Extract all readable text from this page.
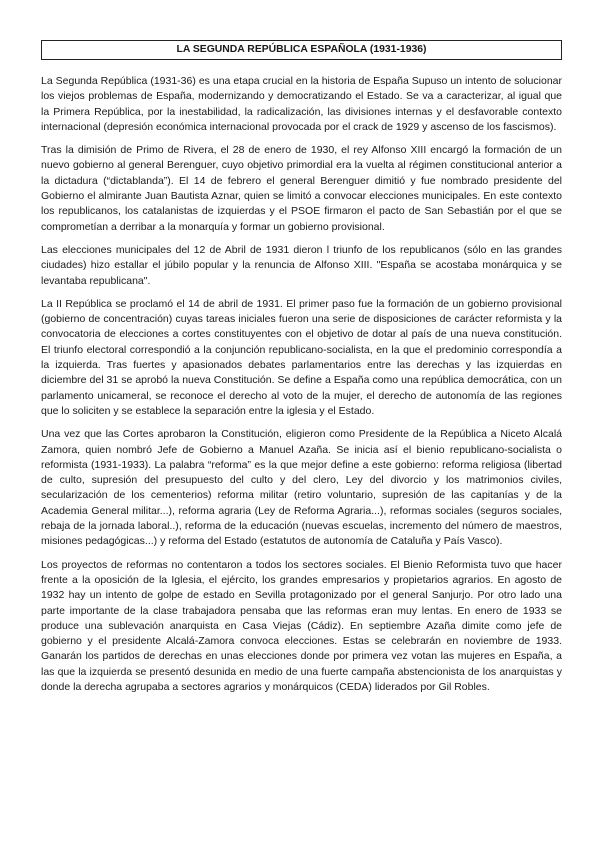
LA SEGUNDA REPÚBLICA ESPAÑOLA (1931-1936)

La Segunda República (1931-36) es una etapa crucial en la historia de España Supuso un intento de solucionar los viejos problemas de España, modernizando y democratizando el Estado. Se va a caracterizar, al igual que la Primera República, por la inestabilidad, la radicalización, las divisiones internas y el desfavorable contexto internacional (depresión económica internacional provocada por el crack de 1929 y ascenso de los fascismos).

Tras la dimisión de Primo de Rivera, el 28 de enero de 1930, el rey Alfonso XIII encargó la formación de un nuevo gobierno al general Berenguer, cuyo objetivo primordial era la vuelta al régimen constitucional anterior a la dictadura (“dictablanda”). El 14 de febrero el general Berenguer dimitió y fue nombrado presidente del Gobierno el almirante Juan Bautista Aznar, quien se limitó a convocar elecciones municipales. En este contexto los republicanos, los catalanistas de izquierdas y el PSOE firmaron el pacto de San Sebastián por el que se comprometían a derribar a la monarquía y formar un gobierno provisional.

Las elecciones municipales del 12 de Abril de 1931 dieron l triunfo de los republicanos (sólo en las grandes ciudades) hizo estallar el júbilo popular y la renuncia de Alfonso XIII. "España se acostaba monárquica y se levantaba republicana".

La II República se proclamó el 14 de abril de 1931. El primer paso fue la formación de un gobierno provisional (gobierno de concentración) cuyas tareas iniciales fueron una serie de disposiciones de carácter reformista y la convocatoria de elecciones a cortes constituyentes con el objetivo de dotar al país de una nueva constitución. El triunfo electoral correspondió a la conjunción republicano-socialista, en la que el predominio correspondía a la izquierda. Tras fuertes y apasionados debates parlamentarios entre las derechas y las izquierdas en diciembre del 31 se aprobó la nueva Constitución. Se define a España como una república democrática, con un parlamento unicameral, se reconoce el derecho al voto de la mujer, el derecho de autonomía de las regiones que lo soliciten y se establece la separación entre la iglesia y el Estado.

Una vez que las Cortes aprobaron la Constitución, eligieron como Presidente de la República a Niceto Alcalá Zamora, quien nombró Jefe de Gobierno a Manuel Azaña. Se inicia así el bienio republicano-socialista o reformista (1931-1933). La palabra “reforma” es la que mejor define a este gobierno: reforma religiosa (libertad de culto, supresión del presupuesto del culto y del clero, Ley del divorcio y los matrimonios civiles, secularización de los cementerios) reforma militar (retiro voluntario, supresión de las capitanías y de la Academia General militar...), reforma agraria (Ley de Reforma Agraria...), reformas sociales (seguros sociales, rebaja de la jornada laboral..), reforma de la educación (nuevas escuelas, incremento del número de maestros, misiones pedagógicas...) y reforma del Estado (estatutos de autonomía de Cataluña y País Vasco).

Los proyectos de reformas no contentaron a todos los sectores sociales. El Bienio Reformista tuvo que hacer frente a la oposición de la Iglesia, el ejército, los grandes empresarios y propietarios agrarios. En agosto de 1932 hay un intento de golpe de estado en Sevilla protagonizado por el general Sanjurjo. Por otro lado una parte importante de la clase trabajadora pensaba que las reformas eran muy lentas. En enero de 1933 se produce una sublevación anarquista en Casa Viejas (Cádiz). En septiembre Azaña dimite como jefe de gobierno y el presidente Alcalá-Zamora convoca elecciones. Estas se celebrarán en noviembre de 1933. Ganarán los partidos de derechas en unas elecciones donde por primera vez votan las mujeres en España, a las que la izquierda se presentó desunida en medio de una fuerte campaña abstencionista de los anarquistas y donde la derecha agrupaba a sectores agrarios y monárquicos (CEDA) liderados por Gil Robles.
